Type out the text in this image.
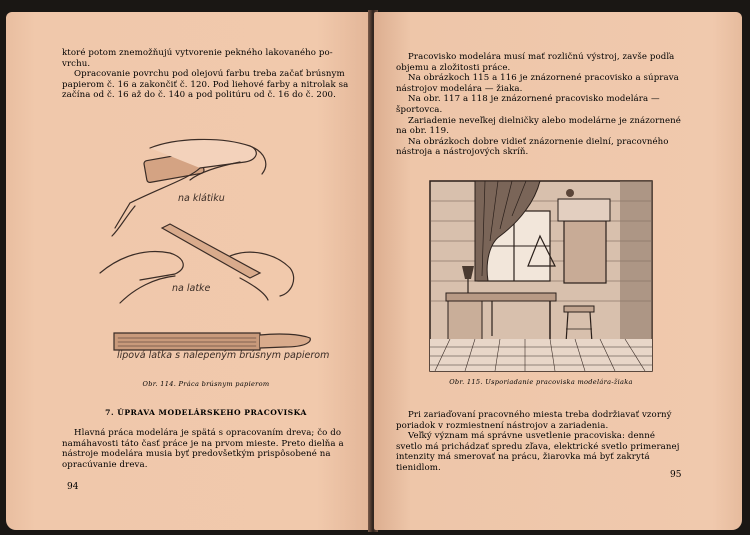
ktoré potom znemožňujú vytvorenie pekného lakovaného po-vrchu.

Opracovanie povrchu pod olejovú farbu treba začať brúsnym papierom č. 16 a zakončiť č. 120. Pod liehové farby a nitrolak sa začína od č. 16 až do č. 140 a pod politúru od č. 16 do č. 200.

na klátiku
na latke
lipová latka s nalepeným brúsnym papierom
Obr. 114. Práca brúsnym papierom
7. ÚPRAVA MODELÁRSKEHO PRACOVISKA

Hlavná práca modelára je spätá s opracovaním dreva; čo do namáhavosti táto časť práce je na prvom mieste. Preto dielňa a nástroje modelára musia byť predovšetkým prispôsobené na opracúvanie dreva.

94

Pracovisko modelára musí mať rozličnú výstroj, zavše podľa objemu a zložitosti práce.

Na obrázkoch 115 a 116 je znázornené pracovisko a súprava nástrojov modelára — žiaka.

Na obr. 117 a 118 je znázornené pracovisko modelára — športovca.

Zariadenie neveľkej dielničky alebo modelárne je znázornené na obr. 119.

Na obrázkoch dobre vidieť znázornenie dielní, pracovného nástroja a nástrojových skríň.

Obr. 115. Usporiadanie pracoviska modelára-žiaka

Pri zariaďovaní pracovného miesta treba dodržiavať vzorný poriadok v rozmiestnení nástrojov a zariadenia.

Veľký význam má správne usvetlenie pracoviska: denné svetlo má prichádzať spredu zľava, elektrické svetlo primeranej intenzity má smerovať na prácu, žiarovka má byť zakrytá tienidlom.

95
